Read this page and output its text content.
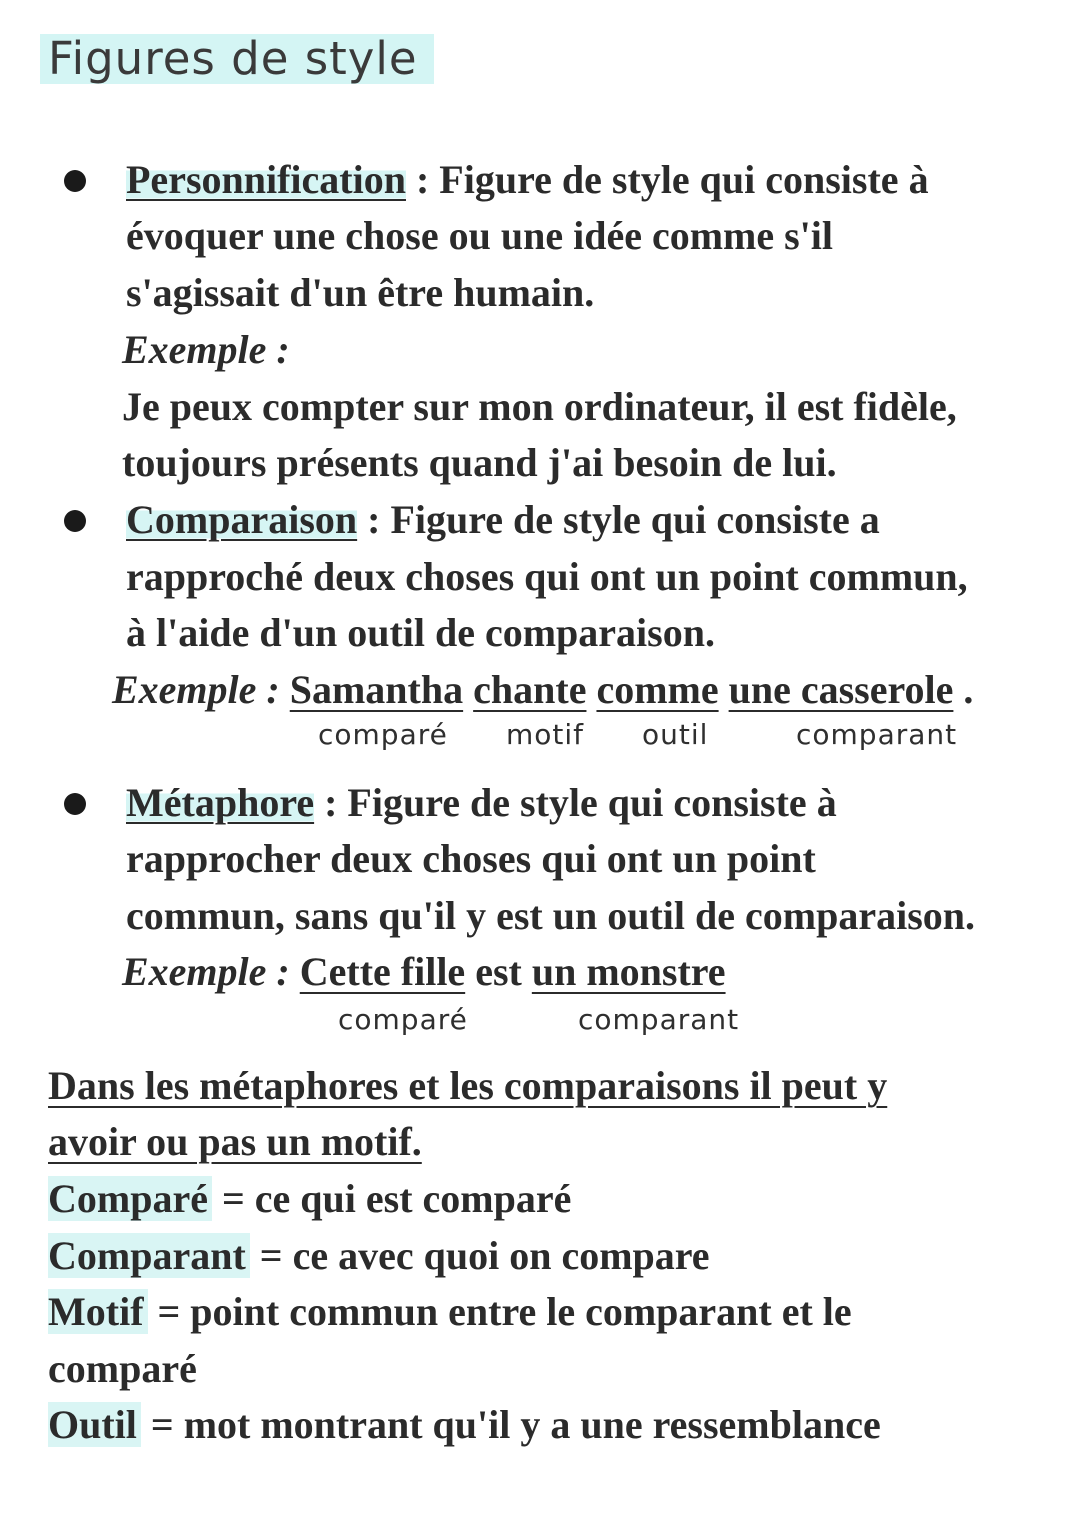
Figures de style
Personnification : Figure de style qui consiste à
évoquer une chose ou une idée comme s'il
s'agissait d'un être humain.
Exemple :
Je peux compter sur mon ordinateur, il est fidèle,
toujours présents quand j'ai besoin de lui.
Comparaison : Figure de style qui consiste a
rapproché deux choses qui ont un point commun,
à l'aide d'un outil de comparaison.
Exemple : Samantha chante comme une casserole .
comparé motif outil	comparant
Métaphore : Figure de style qui consiste à
rapprocher deux choses qui ont un point
commun, sans qu'il y est un outil de comparaison.
Exemple : Cette fille est un monstre
comparé	comparant
Dans les métaphores et les comparaisons il peut y
avoir ou pas un motif.
Comparé = ce qui est comparé
Comparant = ce avec quoi on compare
Motif = point commun entre le comparant et le
comparé
Outil = mot montrant qu'il y a une ressemblance
